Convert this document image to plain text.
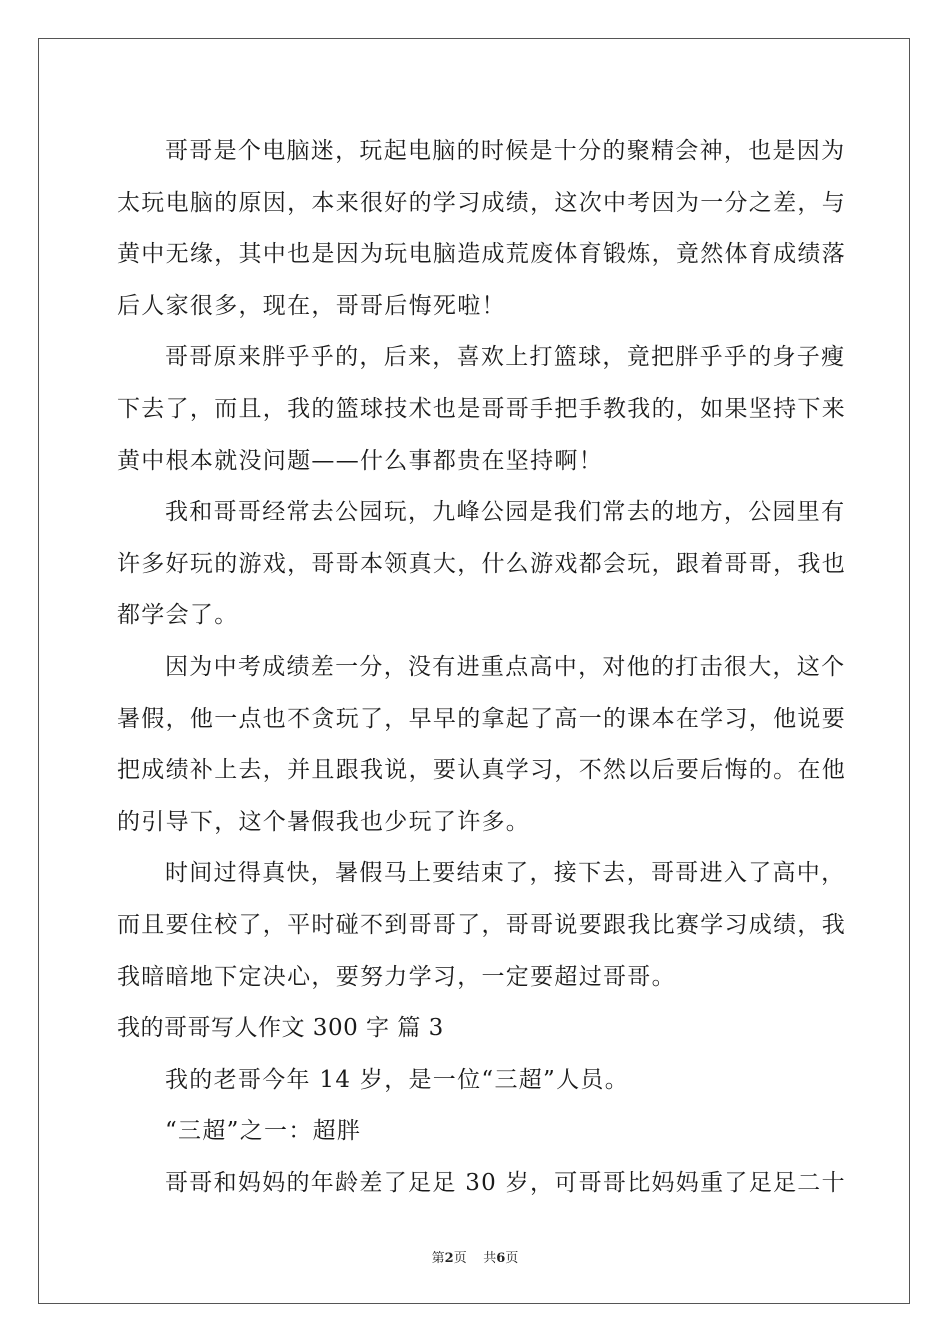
哥哥是个电脑迷，玩起电脑的时候是十分的聚精会神，也是因为
太玩电脑的原因，本来很好的学习成绩，这次中考因为一分之差，与
黄中无缘，其中也是因为玩电脑造成荒废体育锻炼，竟然体育成绩落
后人家很多，现在，哥哥后悔死啦！
哥哥原来胖乎乎的，后来，喜欢上打篮球，竟把胖乎乎的身子瘦
下去了，而且，我的篮球技术也是哥哥手把手教我的，如果坚持下来
黄中根本就没问题——什么事都贵在坚持啊！
我和哥哥经常去公园玩，九峰公园是我们常去的地方，公园里有
许多好玩的游戏，哥哥本领真大，什么游戏都会玩，跟着哥哥，我也
都学会了。
因为中考成绩差一分，没有进重点高中，对他的打击很大，这个
暑假，他一点也不贪玩了，早早的拿起了高一的课本在学习，他说要
把成绩补上去，并且跟我说，要认真学习，不然以后要后悔的。在他
的引导下，这个暑假我也少玩了许多。
时间过得真快，暑假马上要结束了，接下去，哥哥进入了高中，
而且要住校了，平时碰不到哥哥了，哥哥说要跟我比赛学习成绩，我
我暗暗地下定决心，要努力学习，一定要超过哥哥。
我的哥哥写人作文 300 字 篇 3
我的老哥今年 14 岁，是一位“三超”人员。
“三超”之一：超胖
哥哥和妈妈的年龄差了足足 30 岁，可哥哥比妈妈重了足足二十
第2页 共6页
